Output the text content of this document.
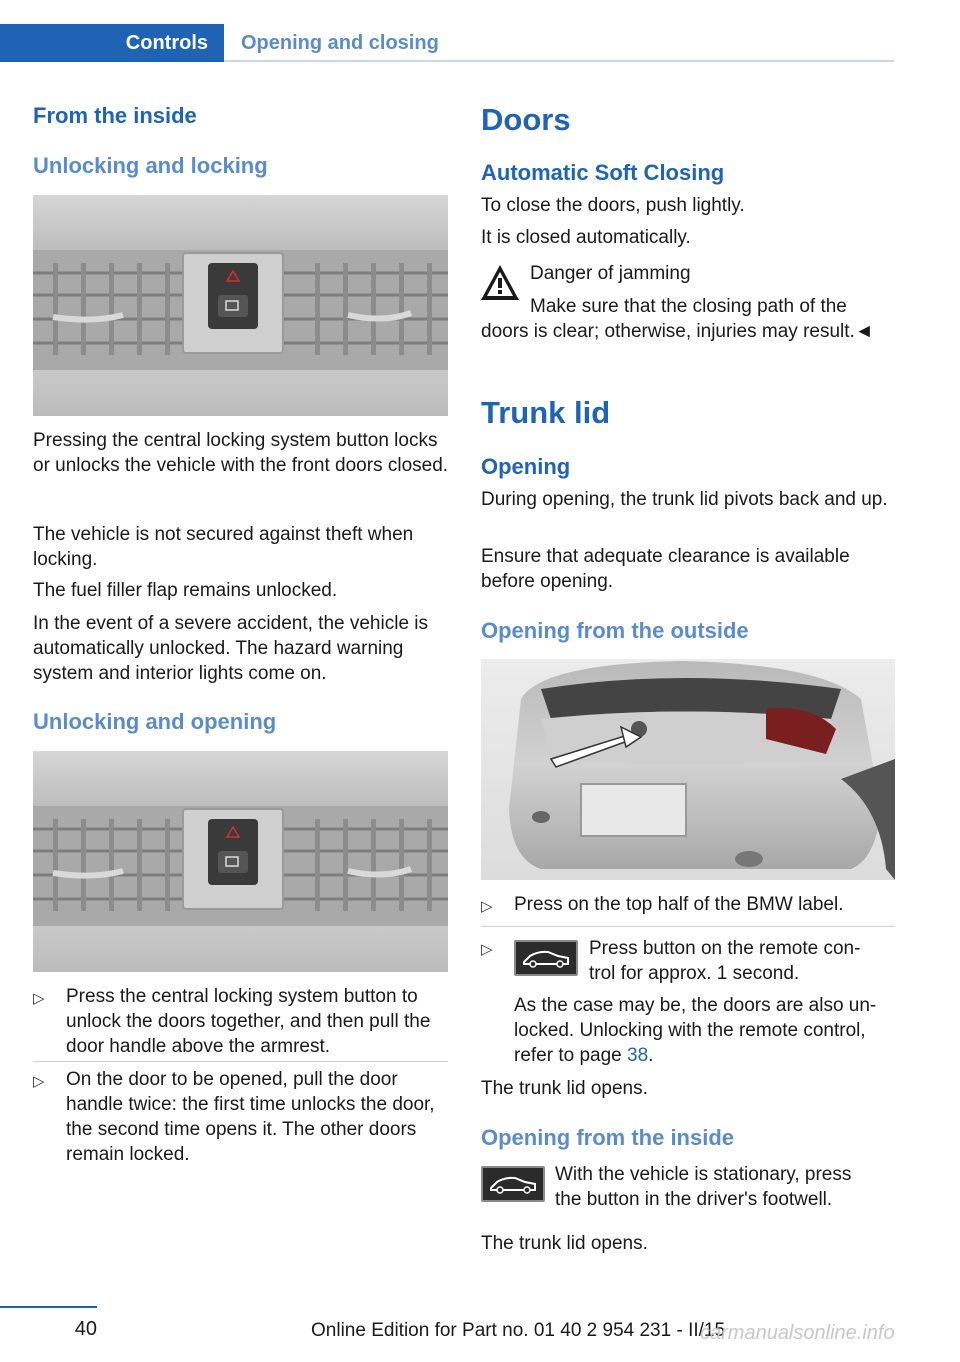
Controls	Opening and closing
From the inside
Unlocking and locking
Pressing the central locking system button locks or unlocks the vehicle with the front doors closed.
The vehicle is not secured against theft when locking.
The fuel filler flap remains unlocked.
In the event of a severe accident, the vehicle is automatically unlocked. The hazard warning system and interior lights come on.
Unlocking and opening
▷ Press the central locking system button to unlock the doors together, and then pull the door handle above the armrest.
▷ On the door to be opened, pull the door handle twice: the first time unlocks the door, the second time opens it. The other doors remain locked.
Doors
Automatic Soft Closing
To close the doors, push lightly.
It is closed automatically.
Danger of jamming
Make sure that the closing path of the
doors is clear; otherwise, injuries may result.◄
Trunk lid
Opening
During opening, the trunk lid pivots back and up.
Ensure that adequate clearance is available before opening.
Opening from the outside
▷ Press on the top half of the BMW label.
▷	Press button on the remote con-
trol for approx. 1 second.
As the case may be, the doors are also un- locked. Unlocking with the remote control, refer to page 38.
The trunk lid opens.
Opening from the inside
With the vehicle is stationary, press
the button in the driver's footwell.
The trunk lid opens.
40	Online Edition for Part no. 01 40 2 954 231 - II/15
carmanualsonline.info
